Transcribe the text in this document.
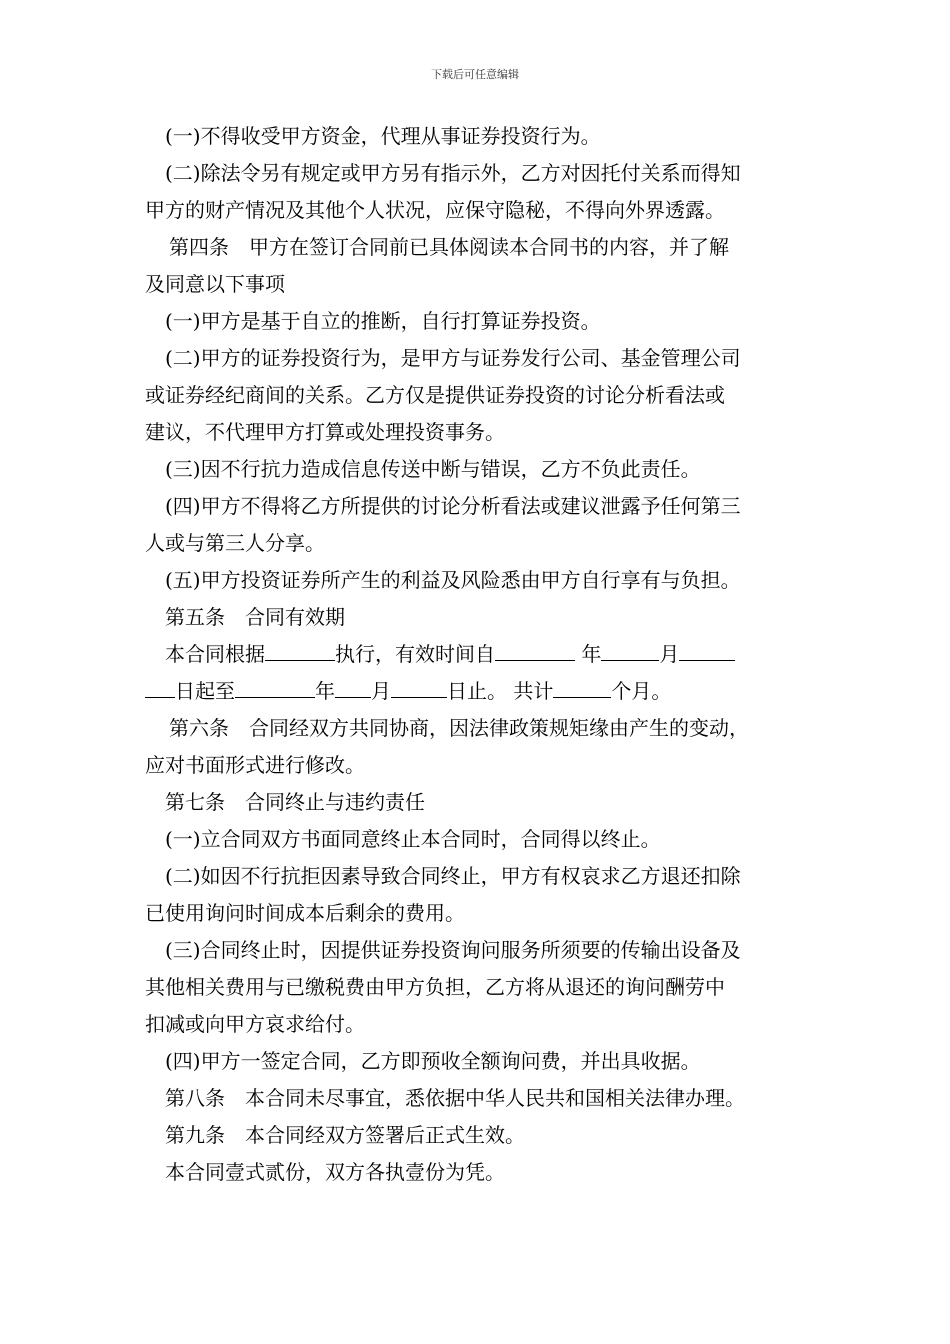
下载后可任意编辑
(一)不得收受甲方资金，代理从事证券投资行为。
(二)除法令另有规定或甲方另有指示外，乙方对因托付关系而得知
甲方的财产情况及其他个人状况，应保守隐秘，不得向外界透露。
第四条　甲方在签订合同前已具体阅读本合同书的内容，并了解
及同意以下事项
(一)甲方是基于自立的推断，自行打算证券投资。
(二)甲方的证券投资行为，是甲方与证券发行公司、基金管理公司
或证券经纪商间的关系。乙方仅是提供证券投资的讨论分析看法或
建议，不代理甲方打算或处理投资事务。
(三)因不行抗力造成信息传送中断与错误，乙方不负此责任。
(四)甲方不得将乙方所提供的讨论分析看法或建议泄露予任何第三
人或与第三人分享。
(五)甲方投资证券所产生的利益及风险悉由甲方自行享有与负担。
第五条　合同有效期
本合同根据	执行，有效时间自	年	月
日起至	年 月	日止。 共计	个月。
第六条　合同经双方共同协商，因法律政策规矩缘由产生的变动，
应对书面形式进行修改。
第七条　合同终止与违约责任
(一)立合同双方书面同意终止本合同时，合同得以终止。
(二)如因不行抗拒因素导致合同终止，甲方有权哀求乙方退还扣除
已使用询问时间成本后剩余的费用。
(三)合同终止时，因提供证券投资询问服务所须要的传输出设备及
其他相关费用与已缴税费由甲方负担，乙方将从退还的询问酬劳中
扣减或向甲方哀求给付。
(四)甲方一签定合同，乙方即预收全额询问费，并出具收据。
第八条　本合同未尽事宜，悉依据中华人民共和国相关法律办理。
第九条　本合同经双方签署后正式生效。
本合同壹式贰份，双方各执壹份为凭。
